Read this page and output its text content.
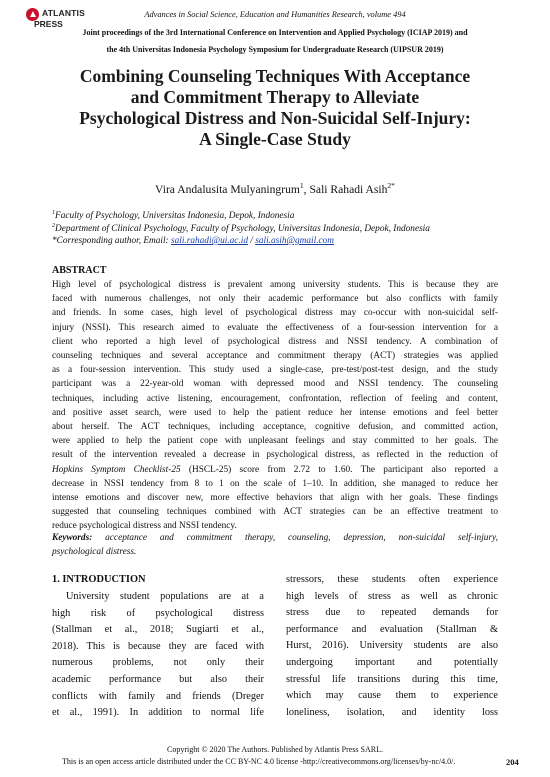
ATLANTIS
PRESS
Advances in Social Science, Education and Humanities Research, volume 494
Joint proceedings of the 3rd International Conference on Intervention and Applied Psychology (ICIAP 2019) and
the 4th Universitas Indonesia Psychology Symposium for Undergraduate Research (UIPSUR 2019)
Combining Counseling Techniques With Acceptance
and Commitment Therapy to Alleviate
Psychological Distress and Non-Suicidal Self-Injury:
A Single-Case Study
Vira Andalusita Mulyaningrum$^1$, Sali Rahadi Asih$^{2*}$
$^1$Faculty of Psychology, Universitas Indonesia, Depok, Indonesia
$^2$Department of Clinical Psychology, Faculty of Psychology, Universitas Indonesia, Depok, Indonesia
*Corresponding author, Email: sali.rahadi@ui.ac.id / sali.asih@gmail.com
ABSTRACT
High level of psychological distress is prevalent among university students. This is because they are
faced with numerous challenges, not only their academic performance but also conflicts with family
and friends. In some cases, high level of psychological distress may co-occur with non-suicidal self-
injury (NSSI). This research aimed to evaluate the effectiveness of a four-session intervention for a
client who reported a high level of psychological distress and NSSI tendency. A combination of
counseling techniques and several acceptance and commitment therapy (ACT) strategies was applied
as a four-session intervention. This study used a single-case, pre-test/post-test design, and the study
participant was a 22-year-old woman with depressed mood and NSSI tendency. The counseling
techniques, including active listening, encouragement, confrontation, reflection of feeling and content,
and positive asset search, were used to help the patient reduce her intense emotions and feel better
about herself. The ACT techniques, including acceptance, cognitive defusion, and committed action,
were applied to help the patient cope with unpleasant feelings and stay committed to her goals. The
result of the intervention revealed a decrease in psychological distress, as reflected in the reduction of
Hopkins Symptom Checklist-25 (HSCL-25) score from 2.72 to 1.60. The participant also reported a
decrease in NSSI tendency from 8 to 1 on the scale of 1–10. In addition, she managed to reduce her
intense emotions and discover new, more effective behaviors that align with her goals. These findings
suggested that counseling techniques combined with ACT strategies can be an effective treatment to
reduce psychological distress and NSSI tendency.
Keywords: acceptance and commitment therapy, counseling, depression, non-suicidal self-injury,
psychological distress.
1. INTRODUCTION
University student populations are at a
high risk of psychological distress
(Stallman et al., 2018; Sugiarti et al.,
2018). This is because they are faced with
numerous problems, not only their
academic performance but also their
conflicts with family and friends (Dreger
et al., 1991). In addition to normal life
stressors, these students often experience
high levels of stress as well as chronic
stress due to repeated demands for
performance and evaluation (Stallman &
Hurst, 2016). University students are also
undergoing important and potentially
stressful life transitions during this time,
which may cause them to experience
loneliness, isolation, and identity loss
Copyright © 2020 The Authors. Published by Atlantis Press SARL.
This is an open access article distributed under the CC BY-NC 4.0 license -http://creativecommons.org/licenses/by-nc/4.0/.	204
